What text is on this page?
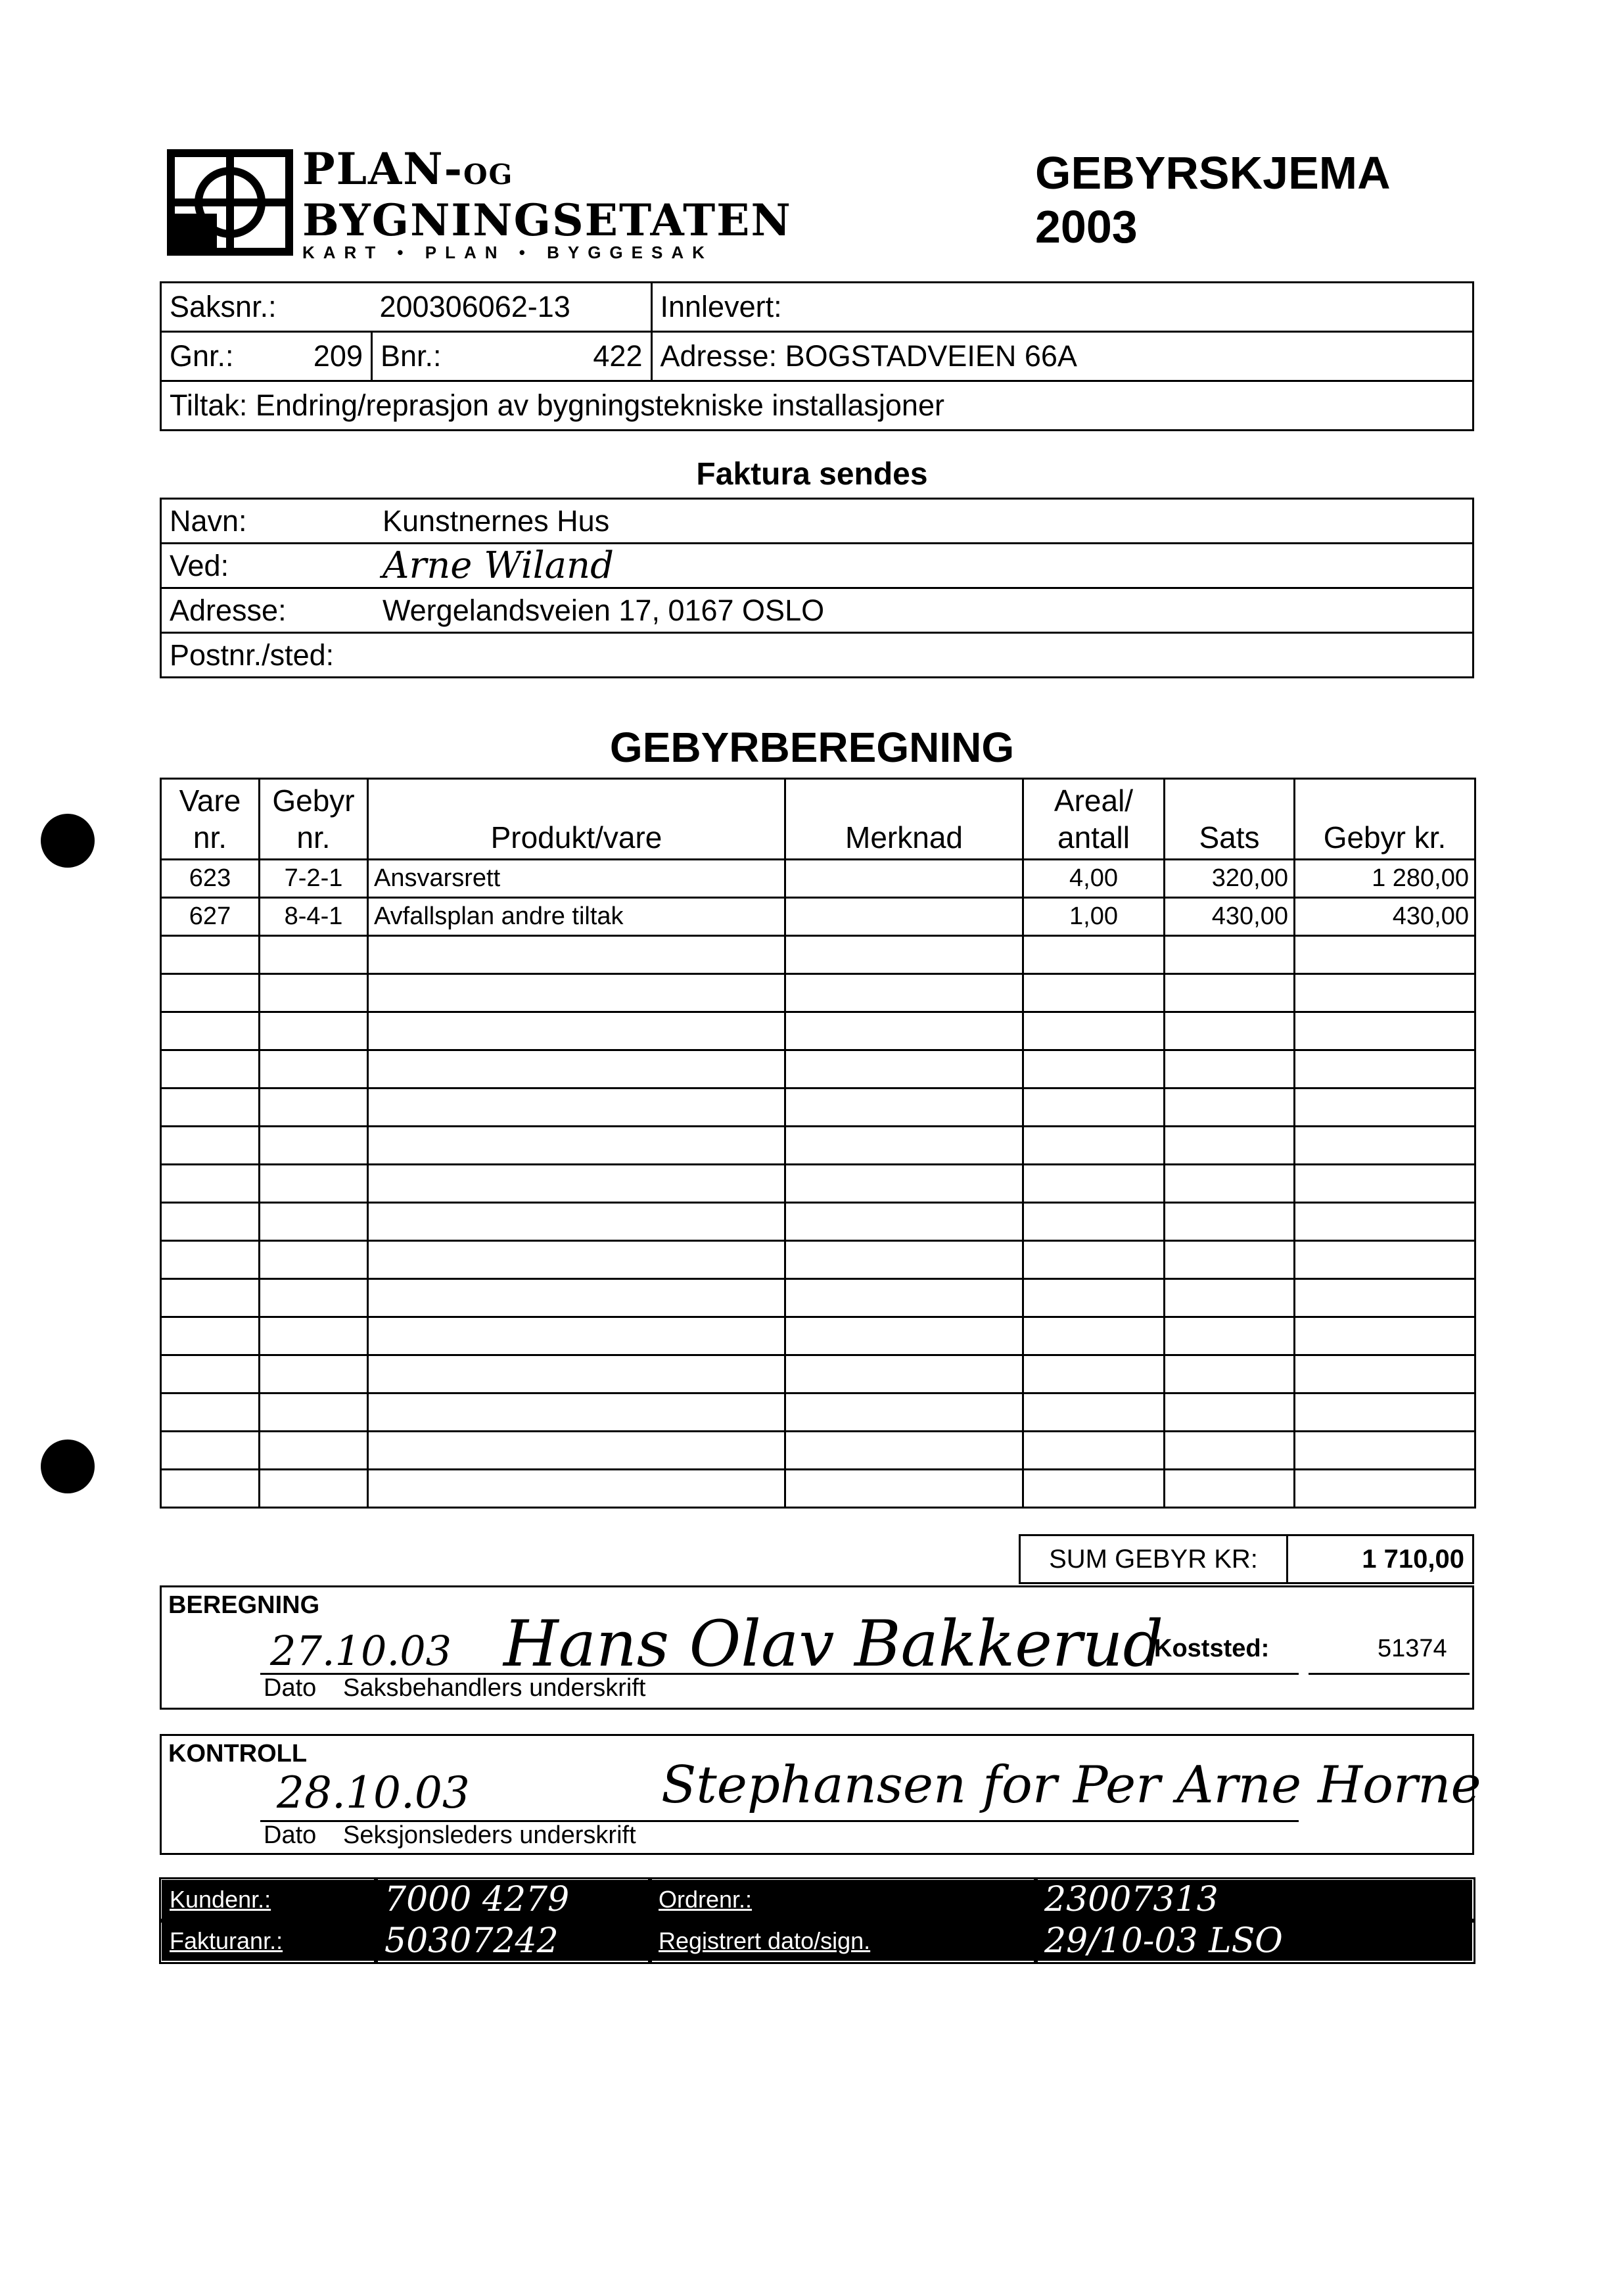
PLAN-OG
BYGNINGSETATEN
KART • PLAN • BYGGESAK
GEBYRSKJEMA
2003
Saksnr.:		200306062-13		Innlevert:
Gnr.:	209	Bnr.:	422	Adresse: BOGSTADVEIEN 66A
Tiltak: Endring/reprasjon av bygningstekniske installasjoner				
Faktura sendes
Navn:	Kunstnernes Hus
Ved:	Arne Wiland
Adresse:	Wergelandsveien 17, 0167 OSLO
Postnr./sted:	
GEBYRBEREGNING
Vare nr.	Gebyr nr.	Produkt/vare	Merknad	Areal/ antall	Sats	Gebyr kr.
623	7-2-1	Ansvarsrett		4,00	320,00	1 280,00
627	8-4-1	Avfallsplan andre tiltak		1,00	430,00	430,00

SUM GEBYR KR:	1 710,00
BEREGNING
27.10.03 Hans Olav Bakkerud
Dato Saksbehandlers underskrift
Koststed:	51374
KONTROLL
28.10.03	Stephansen for Per Arne Horne
Dato Seksjonsleders underskrift
Kundenr.:	7000 4279	Ordrenr.:	23007313
Fakturanr.:	50307242	Registrert dato/sign.	29/10-03 LSO
